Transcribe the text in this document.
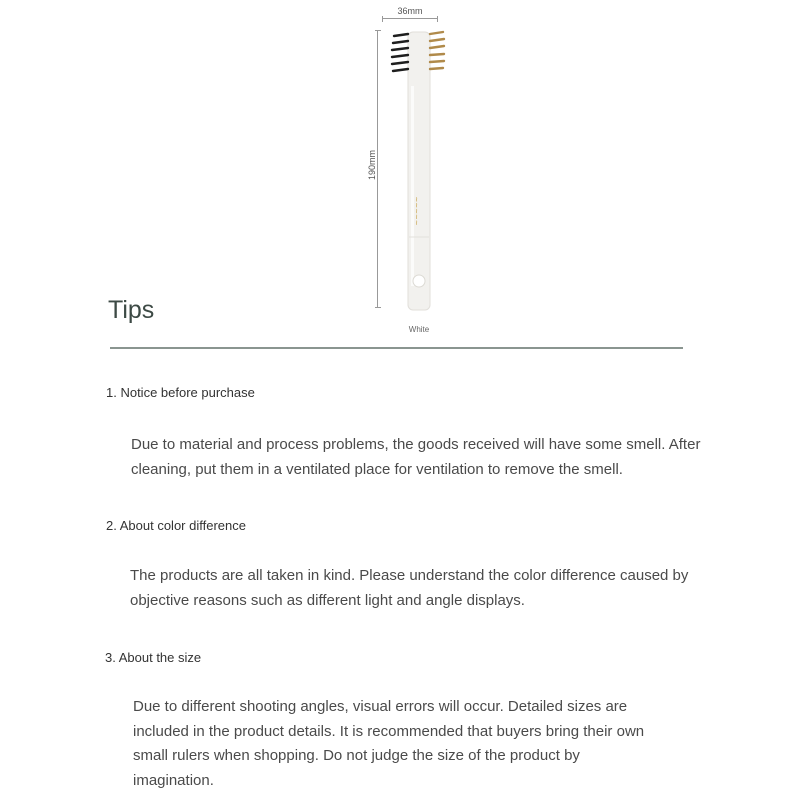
36mm
190mm
~~~~~
White
Tips
1. Notice before purchase
Due to material and process problems, the goods received will have some smell. After cleaning, put them in a ventilated place for ventilation to remove the smell.
2. About color difference
The products are all taken in kind. Please understand the color difference caused by objective reasons such as different light and angle displays.
3. About the size
Due to different shooting angles, visual errors will occur. Detailed sizes are included in the product details. It is recommended that buyers bring their own small rulers when shopping. Do not judge the size of the product by imagination.
